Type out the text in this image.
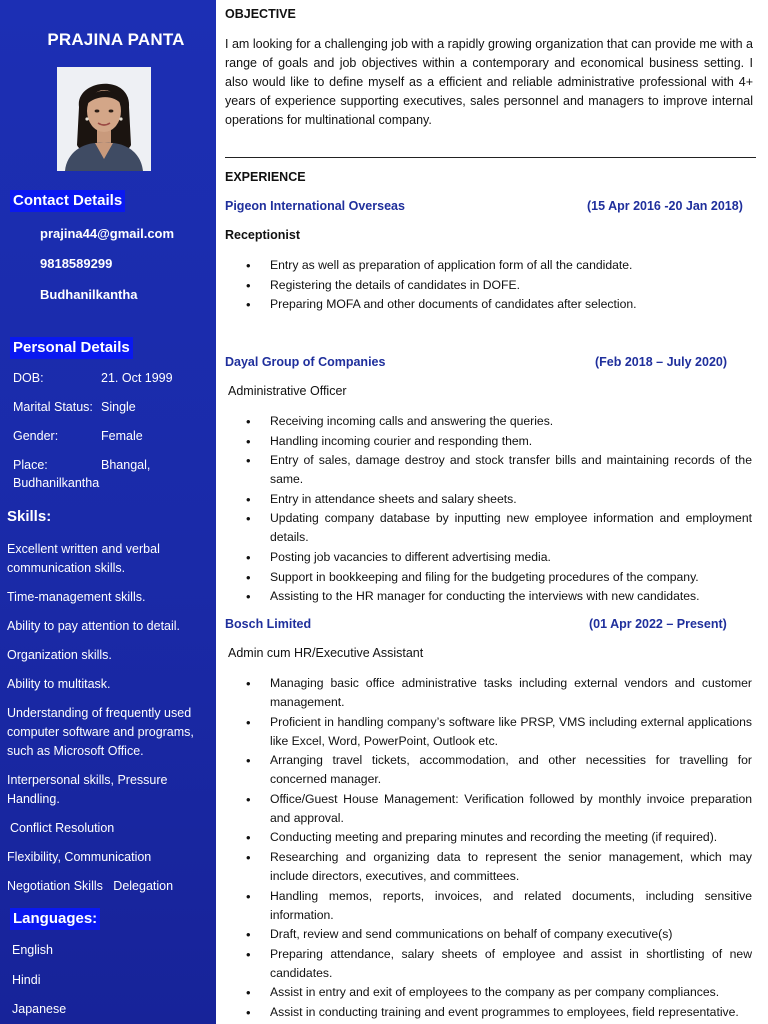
PRAJINA PANTA
Contact Details
prajina44@gmail.com
9818589299
Budhanilkantha
Personal Details
DOB:	21. Oct 1999
Marital Status: Single
Gender:	Female
Place:	Bhangal,
Budhanilkantha
Skills:
Excellent written and verbal communication skills.
Time-management skills.
Ability to pay attention to detail.
Organization skills.
Ability to multitask.
Understanding of frequently used computer software and programs, such as Microsoft Office.
Interpersonal skills, Pressure Handling.
Conflict Resolution
Flexibility, Communication
Negotiation Skills   Delegation
Languages:
English
Hindi
Japanese
OBJECTIVE

I am looking for a challenging job with a rapidly growing organization that can provide me with a range of goals and job objectives within a contemporary and economical business setting. I also would like to define myself as a efficient and reliable administrative professional with 4+ years of experience supporting executives, sales personnel and managers to improve internal operations for multinational company.

EXPERIENCE
Pigeon International Overseas	(15 Apr 2016 -20 Jan 2018)
Receptionist
• Entry as well as preparation of application form of all the candidate.
• Registering the details of candidates in DOFE.
• Preparing MOFA and other documents of candidates after selection.
Dayal Group of Companies	(Feb 2018 – July 2020)
Administrative Officer
• Receiving incoming calls and answering the queries.
• Handling incoming courier and responding them.
• Entry of sales, damage destroy and stock transfer bills and maintaining records of the same.
• Entry in attendance sheets and salary sheets.
• Updating company database by inputting new employee information and employment details.
• Posting job vacancies to different advertising media.
• Support in bookkeeping and filing for the budgeting procedures of the company.
• Assisting to the HR manager for conducting the interviews with new candidates.
Bosch Limited	(01 Apr 2022 – Present)
Admin cum HR/Executive Assistant
• Managing basic office administrative tasks including external vendors and customer management.
• Proficient in handling company’s software like PRSP, VMS including external applications like Excel, Word, PowerPoint, Outlook etc.
• Arranging travel tickets, accommodation, and other necessities for travelling for concerned manager.
• Office/Guest House Management: Verification followed by monthly invoice preparation and approval.
• Conducting meeting and preparing minutes and recording the meeting (if required).
• Researching and organizing data to represent the senior management, which may include directors, executives, and committees.
• Handling memos, reports, invoices, and related documents, including sensitive information.
• Draft, review and send communications on behalf of company executive(s)
• Preparing attendance, salary sheets of employee and assist in shortlisting of new candidates.
• Assist in entry and exit of employees to the company as per company compliances.
• Assist in conducting training and event programmes to employees, field representative.
